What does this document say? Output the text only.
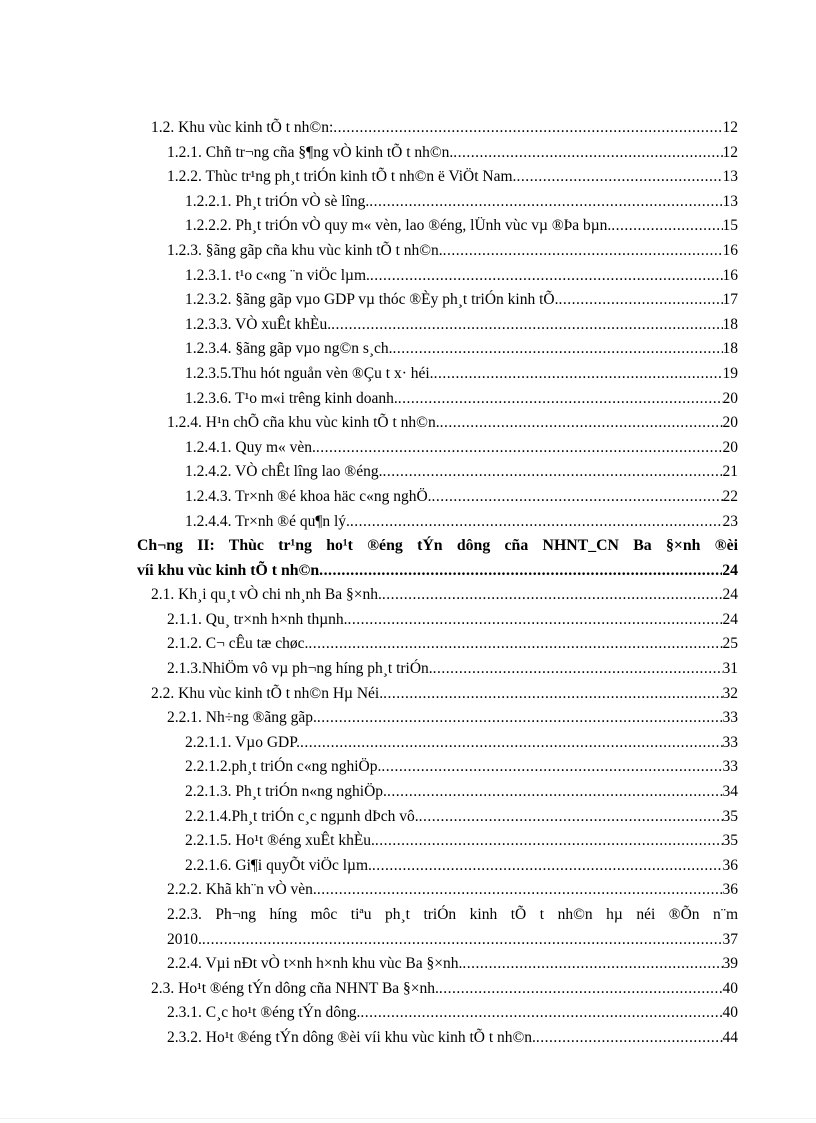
1.2. Khu vùc kinh tÕ t nh©n: .....	12
1.2.1. Chñ tr¬ng cña §¶ng vÒ kinh tÕ t nh©n. .....	12
1.2.2. Thùc tr¹ng ph¸t triÓn kinh tÕ t nh©n ë ViÖt Nam. .....	13
1.2.2.1. Ph¸t triÓn vÒ sè lîng. .....	13
1.2.2.2. Ph¸t triÓn vÒ quy m« vèn, lao ®éng, lÜnh vùc vµ ®Þa bµn. .....	15
1.2.3. §ãng gãp cña khu vùc kinh tÕ t nh©n. .....	16
1.2.3.1. t¹o c«ng ¨n viÖc lµm. .....	16
1.2.3.2. §ãng gãp vµo GDP vµ thóc ®Èy ph¸t triÓn kinh tÕ. .....	17
1.2.3.3. VÒ xuÊt khÈu. .....	18
1.2.3.4. §ãng gãp vµo ng©n s¸ch. .....	18
1.2.3.5.Thu hót nguån vèn ®Çu t x· héi. .....	19
1.2.3.6. T¹o m«i trêng kinh doanh. .....	20
1.2.4. H¹n chÕ cña khu vùc kinh tÕ t nh©n. .....	20
1.2.4.1. Quy m« vèn. .....	20
1.2.4.2. VÒ chÊt lîng lao ®éng. .....	21
1.2.4.3. Tr×nh ®é khoa häc c«ng nghÖ. .....	22
1.2.4.4. Tr×nh ®é qu¶n lý. .....	23
Ch¬ng II: Thùc tr¹ng ho¹t ®éng tÝn dông cña NHNT_CN Ba §×nh ®èi
víi khu vùc kinh tÕ t nh©n .....	24
2.1. Kh¸i qu¸t vÒ chi nh¸nh Ba §×nh. .....	24
2.1.1. Qu¸ tr×nh h×nh thµnh. .....	24
2.1.2. C¬ cÊu tæ chøc. .....	25
2.1.3.NhiÖm vô vµ ph¬ng híng ph¸t triÓn. .....	31
2.2. Khu vùc kinh tÕ t nh©n Hµ Néi. .....	32
2.2.1. Nh÷ng ®ãng gãp. .....	33
2.2.1.1. Vµo GDP. .....	33
2.2.1.2.ph¸t triÓn c«ng nghiÖp. .....	33
2.2.1.3. Ph¸t triÓn n«ng nghiÖp. .....	34
2.2.1.4.Ph¸t triÓn c¸c ngµnh dÞch vô. .....	35
2.2.1.5. Ho¹t ®éng xuÊt khÈu. .....	35
2.2.1.6. Gi¶i quyÕt viÖc lµm. .....	36
2.2.2. Khã kh¨n vÒ vèn. .....	36
2.2.3. Ph¬ng híng môc tiªu ph¸t triÓn kinh tÕ t nh©n hµ néi ®Õn n¨m
2010. .....	37
2.2.4. Vµi nÐt vÒ t×nh h×nh khu vùc Ba §×nh. .....	39
2.3. Ho¹t ®éng tÝn dông cña NHNT Ba §×nh. .....	40
2.3.1. C¸c ho¹t ®éng tÝn dông. .....	40
2.3.2. Ho¹t ®éng tÝn dông ®èi víi khu vùc kinh tÕ t nh©n. .....	44
